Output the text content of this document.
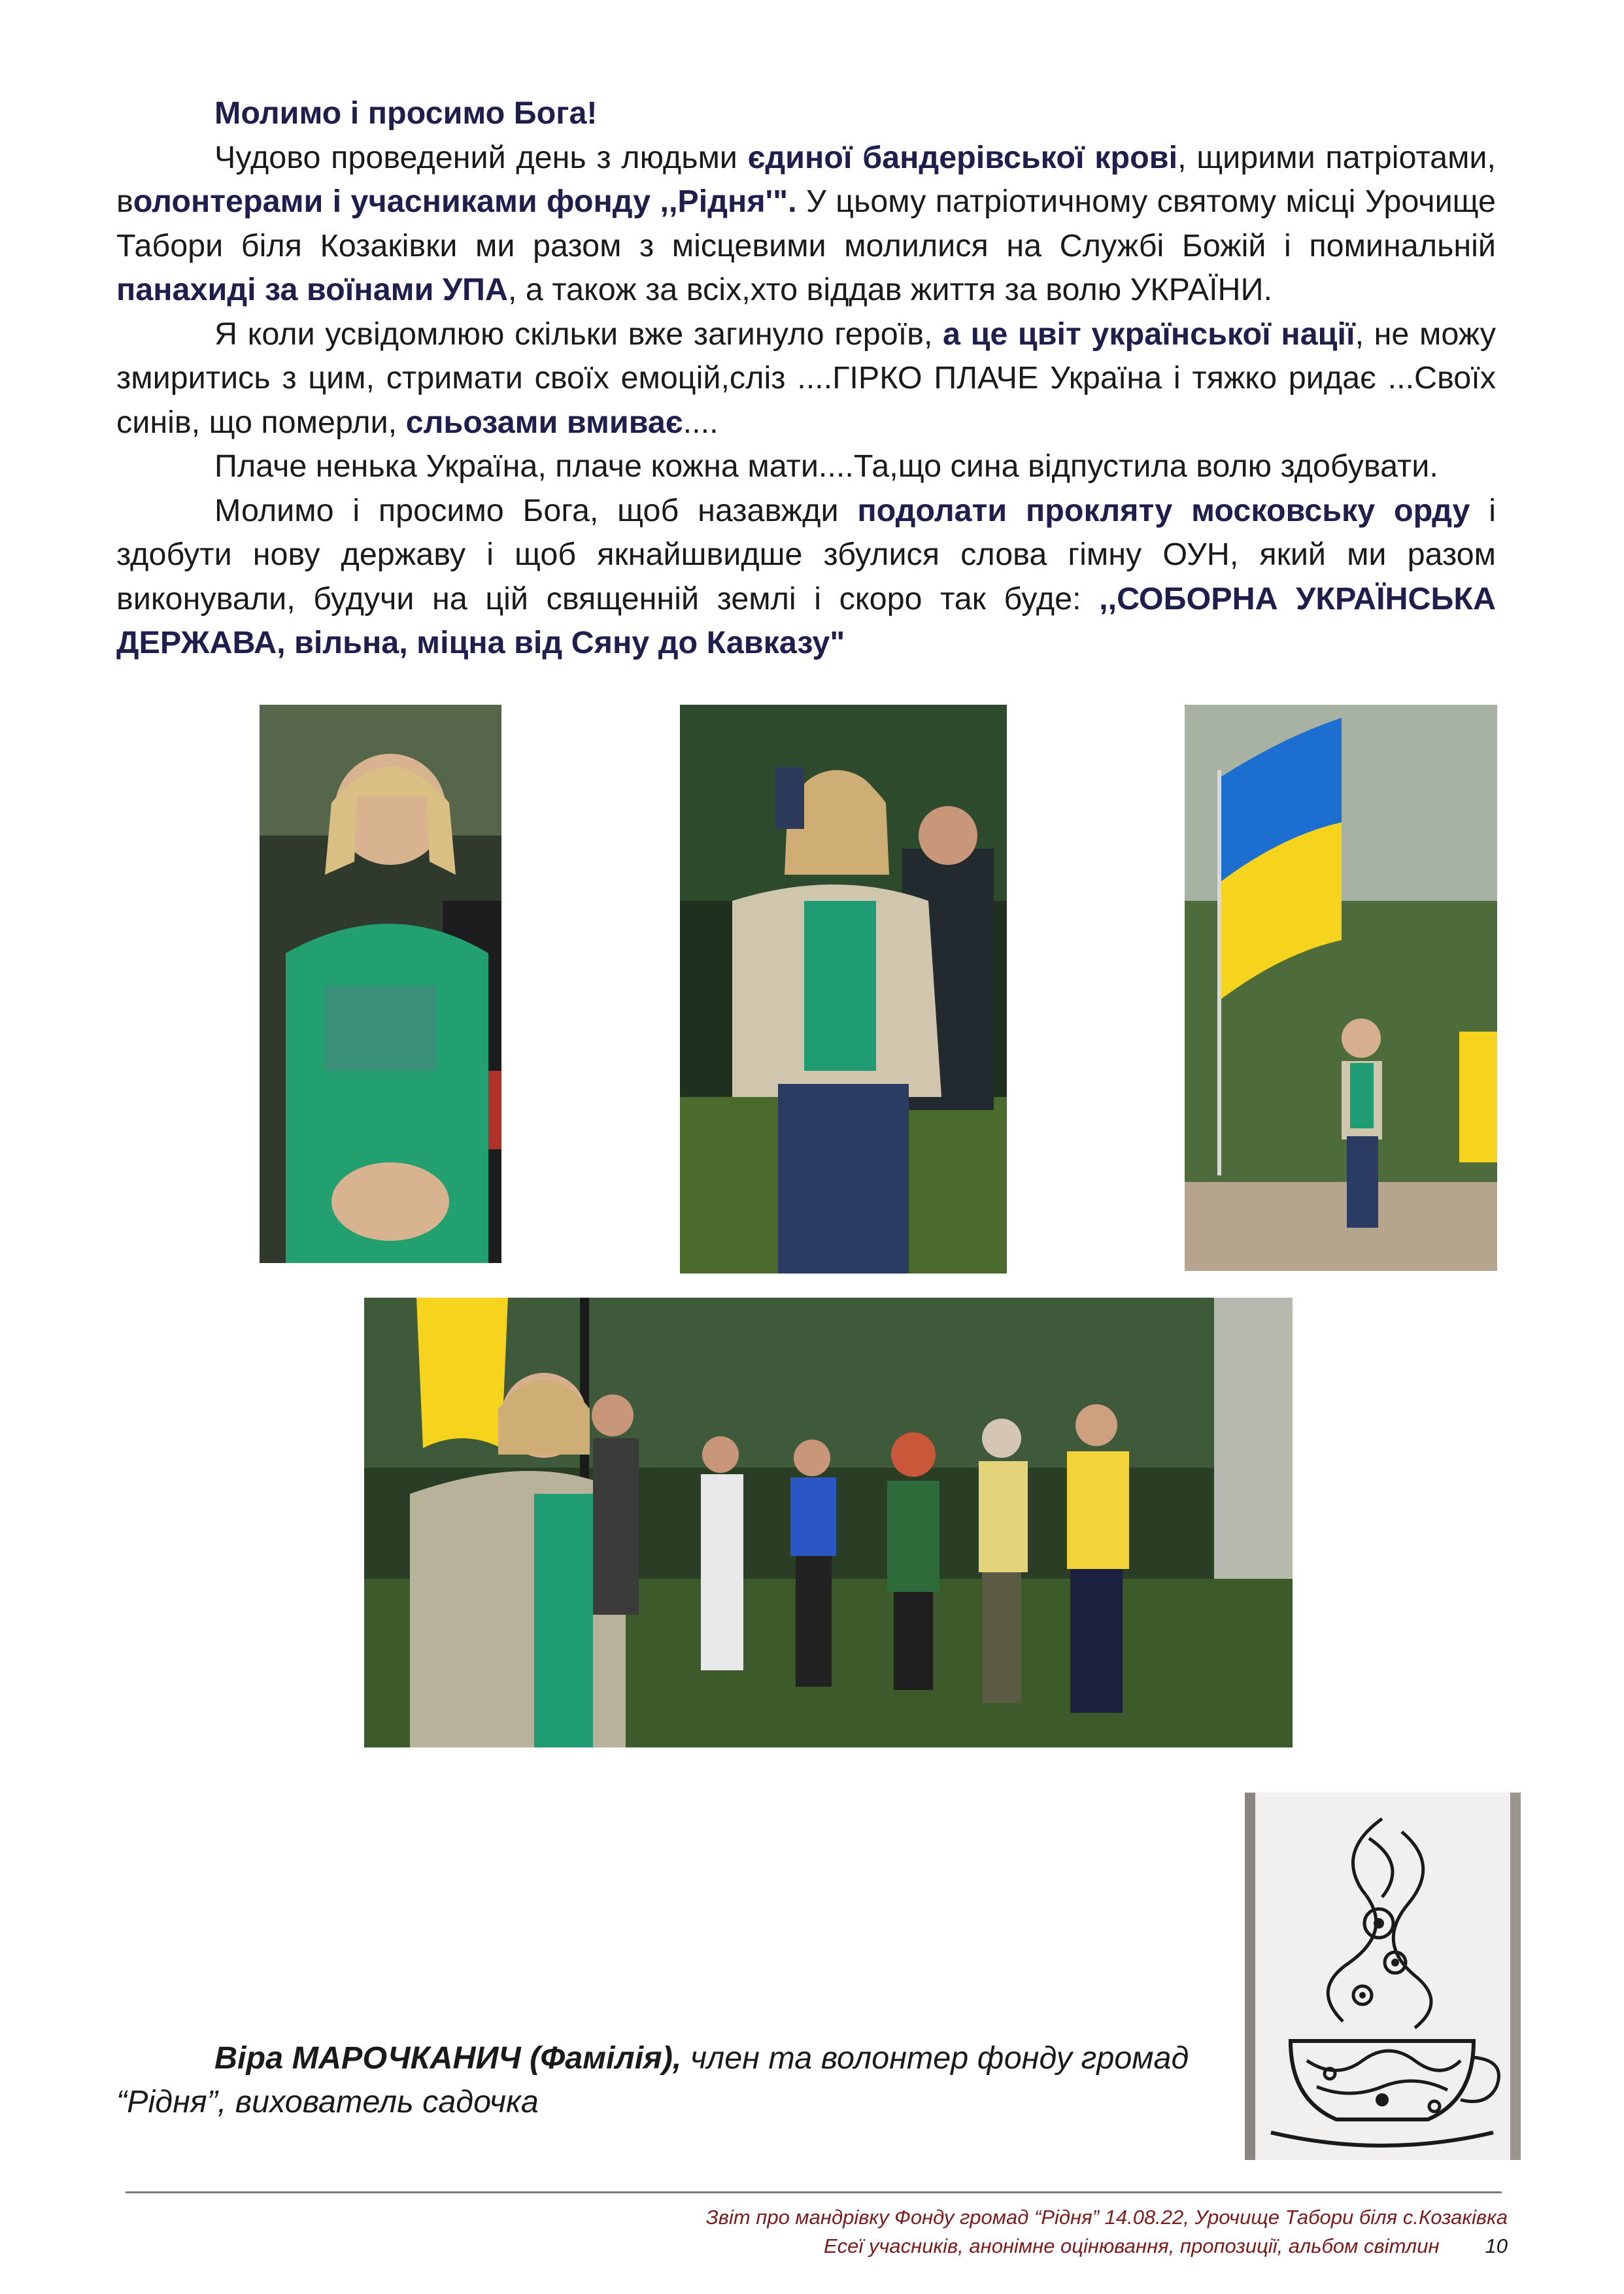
Молимо і просимо Бога!

Чудово проведений день з людьми єдиної бандерівської крові, щирими патріотами, волонтерами і учасниками фонду ,,Рідня'". У цьому патріотичному святому місці Урочище Табори біля Козаківки ми разом з місцевими молилися на Службі Божій і поминальній панахиді за воїнами УПА, а також за всіх,хто віддав життя за волю УКРАЇНИ.

Я коли усвідомлюю скільки вже загинуло героїв, а це цвіт української нації, не можу змиритись з цим, стримати своїх емоцій,сліз ....ГІРКО ПЛАЧЕ Україна і тяжко ридає ...Своїх синів, що померли, сльозами вмиває....

Плаче ненька Україна, плаче кожна мати....Та,що сина відпустила волю здобувати.

Молимо і просимо Бога, щоб назавжди подолати прокляту московську орду і здобути нову державу і щоб якнайшвидше збулися слова гімну ОУН, який ми разом виконували, будучи на цій священній землі і скоро так буде: ,,СОБОРНА УКРАЇНСЬКА ДЕРЖАВА, вільна, міцна від Сяну до Кавказу"

Віра МАРОЧКАНИЧ (Фамілія), член та волонтер фонду громад “Рідня”, вихователь садочка

Звіт про мандрівку Фонду громад “Рідня” 14.08.22, Урочище Табори біля с.Козаківка
Есеї учасників, анонімне оцінювання, пропозиції, альбом світлин 10
